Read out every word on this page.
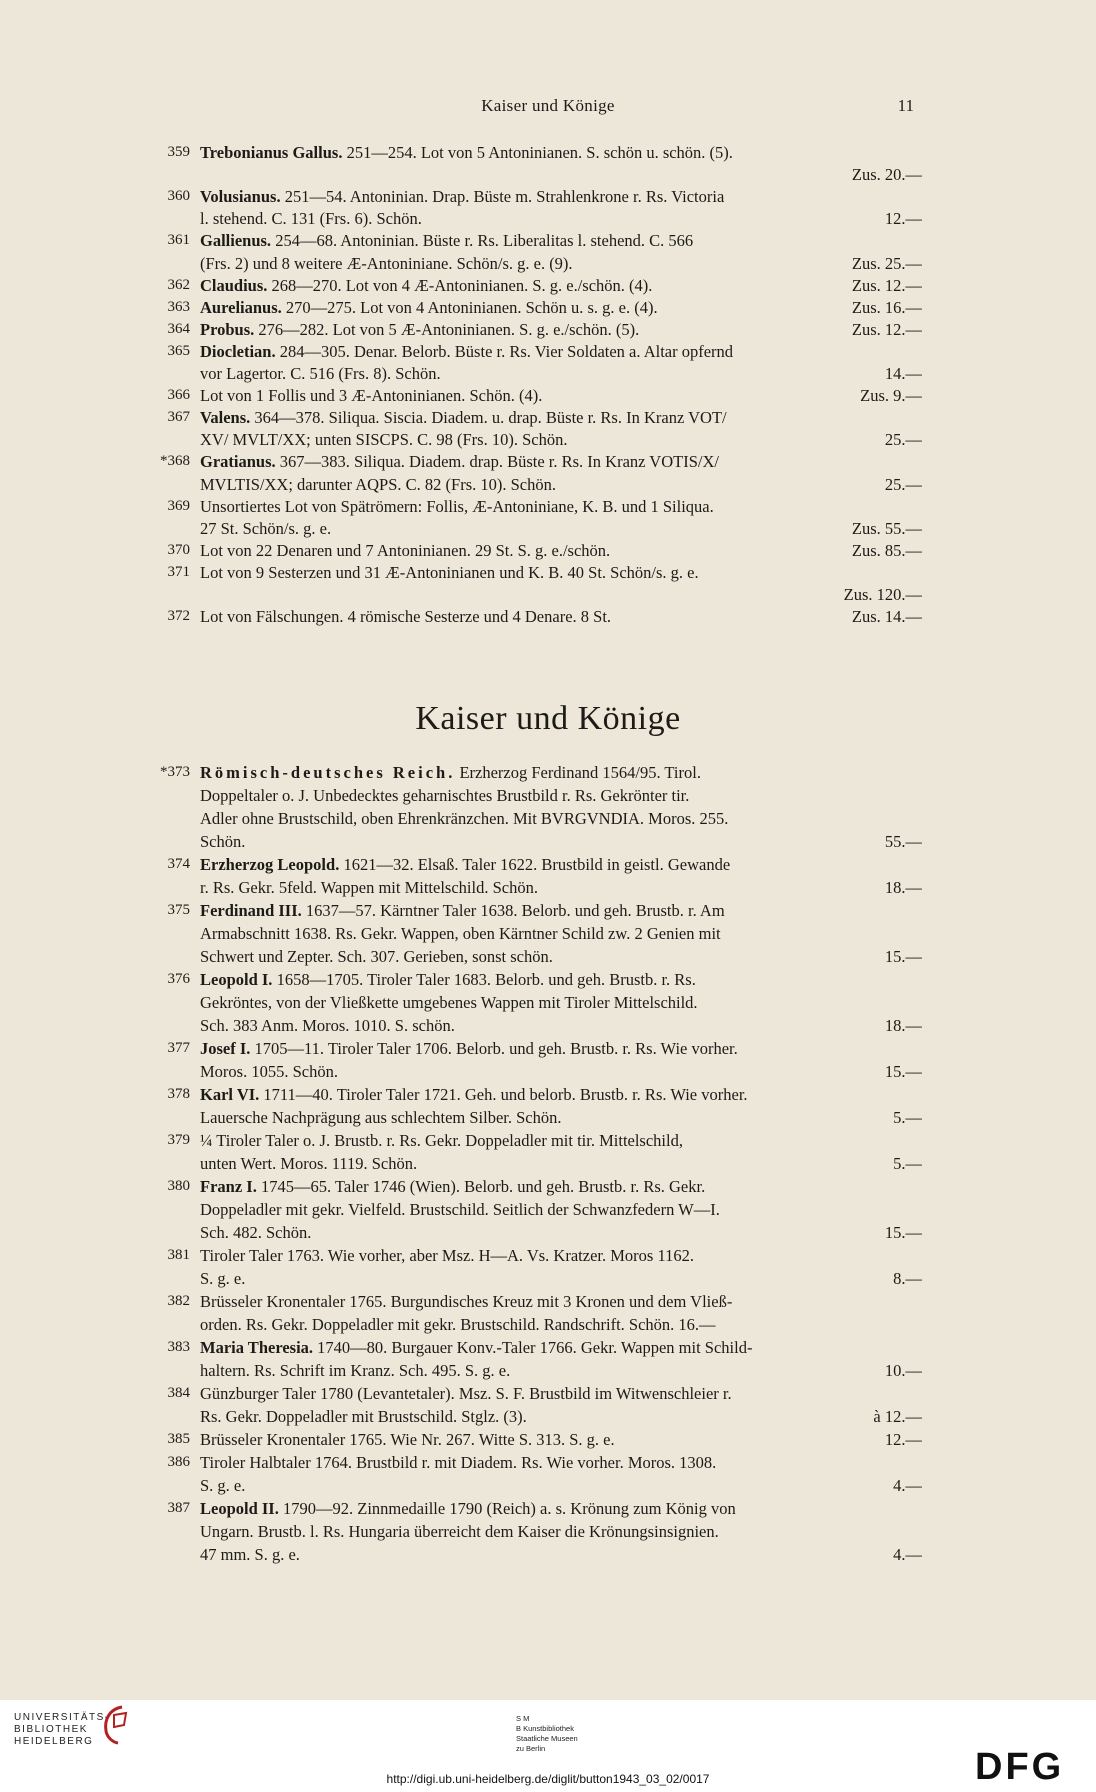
Kaiser und Könige	11
359 Trebonianus Gallus. 251—254. Lot von 5 Antoninianen. S. schön u. schön. (5).
Zus. 20.—
360 Volusianus. 251—54. Antoninian. Drap. Büste m. Strahlenkrone r. Rs. Victoria
l. stehend. C. 131 (Frs. 6). Schön.	12.—
361 Gallienus. 254—68. Antoninian. Büste r. Rs. Liberalitas l. stehend. C. 566
(Frs. 2) und 8 weitere Æ-Antoniniane. Schön/s. g. e. (9).	Zus. 25.—
362 Claudius. 268—270. Lot von 4 Æ-Antoninianen. S. g. e./schön. (4).	Zus. 12.—
363 Aurelianus. 270—275. Lot von 4 Antoninianen. Schön u. s. g. e. (4).	Zus. 16.—
364 Probus. 276—282. Lot von 5 Æ-Antoninianen. S. g. e./schön. (5).	Zus. 12.—
365 Diocletian. 284—305. Denar. Belorb. Büste r. Rs. Vier Soldaten a. Altar opfernd
vor Lagertor. C. 516 (Frs. 8). Schön.	14.—
366 Lot von 1 Follis und 3 Æ-Antoninianen. Schön. (4).	Zus. 9.—
367 Valens. 364—378. Siliqua. Siscia. Diadem. u. drap. Büste r. Rs. In Kranz VOT/
XV/ MVLT/XX; unten SISCPS. C. 98 (Frs. 10). Schön.	25.—
*368 Gratianus. 367—383. Siliqua. Diadem. drap. Büste r. Rs. In Kranz VOTIS/X/
MVLTIS/XX; darunter AQPS. C. 82 (Frs. 10). Schön.	25.—
369 Unsortiertes Lot von Spätrömern: Follis, Æ-Antoniniane, K. B. und 1 Siliqua.
27 St. Schön/s. g. e.	Zus. 55.—
370 Lot von 22 Denaren und 7 Antoninianen. 29 St. S. g. e./schön.	Zus. 85.—
371 Lot von 9 Sesterzen und 31 Æ-Antoninianen und K. B. 40 St. Schön/s. g. e.
Zus. 120.—
372 Lot von Fälschungen. 4 römische Sesterze und 4 Denare. 8 St.	Zus. 14.—
*373 Römisch-deutsches Reich. Erzherzog Ferdinand 1564/95. Tirol.
Doppeltaler o. J. Unbedecktes geharnischtes Brustbild r. Rs. Gekrönter tir.
Adler ohne Brustschild, oben Ehrenkränzchen. Mit BVRGVNDIA. Moros. 255.
Schön.	55.—
374 Erzherzog Leopold. 1621—32. Elsaß. Taler 1622. Brustbild in geistl. Gewande
r. Rs. Gekr. 5feld. Wappen mit Mittelschild. Schön.	18.—
375 Ferdinand III. 1637—57. Kärntner Taler 1638. Belorb. und geh. Brustb. r. Am
Armabschnitt 1638. Rs. Gekr. Wappen, oben Kärntner Schild zw. 2 Genien mit
Schwert und Zepter. Sch. 307. Gerieben, sonst schön.	15.—
376 Leopold I. 1658—1705. Tiroler Taler 1683. Belorb. und geh. Brustb. r. Rs.
Gekröntes, von der Vließkette umgebenes Wappen mit Tiroler Mittelschild.
Sch. 383 Anm. Moros. 1010. S. schön.	18.—
377 Josef I. 1705—11. Tiroler Taler 1706. Belorb. und geh. Brustb. r. Rs. Wie vorher.
Moros. 1055. Schön.	15.—
378 Karl VI. 1711—40. Tiroler Taler 1721. Geh. und belorb. Brustb. r. Rs. Wie vorher.
Lauersche Nachprägung aus schlechtem Silber. Schön.	5.—
379 ¼ Tiroler Taler o. J. Brustb. r. Rs. Gekr. Doppeladler mit tir. Mittelschild,
unten Wert. Moros. 1119. Schön.	5.—
380 Franz I. 1745—65. Taler 1746 (Wien). Belorb. und geh. Brustb. r. Rs. Gekr.
Doppeladler mit gekr. Vielfeld. Brustschild. Seitlich der Schwanzfedern W—I.
Sch. 482. Schön.	15.—
381 Tiroler Taler 1763. Wie vorher, aber Msz. H—A. Vs. Kratzer. Moros 1162.
S. g. e.	8.—
382 Brüsseler Kronentaler 1765. Burgundisches Kreuz mit 3 Kronen und dem Vließ-
orden. Rs. Gekr. Doppeladler mit gekr. Brustschild. Randschrift. Schön. 16.—
383 Maria Theresia. 1740—80. Burgauer Konv.-Taler 1766. Gekr. Wappen mit Schild-
haltern. Rs. Schrift im Kranz. Sch. 495. S. g. e.	10.—
384 Günzburger Taler 1780 (Levantetaler). Msz. S. F. Brustbild im Witwenschleier r.
Rs. Gekr. Doppeladler mit Brustschild. Stglz. (3).	à 12.—
385 Brüsseler Kronentaler 1765. Wie Nr. 267. Witte S. 313. S. g. e.	12.—
386 Tiroler Halbtaler 1764. Brustbild r. mit Diadem. Rs. Wie vorher. Moros. 1308.
S. g. e.	4.—
387 Leopold II. 1790—92. Zinnmedaille 1790 (Reich) a. s. Krönung zum König von
Ungarn. Brustb. l. Rs. Hungaria überreicht dem Kaiser die Krönungsinsignien.
47 mm. S. g. e.	4.—
Kaiser und Könige
UNIVERSITÄTS-
BIBLIOTHEK
HEIDELBERG
S M
B Kunstbibliothek
Staatliche Museen
zu Berlin	DFG
http://digi.ub.uni-heidelberg.de/diglit/button1943_03_02/0017
